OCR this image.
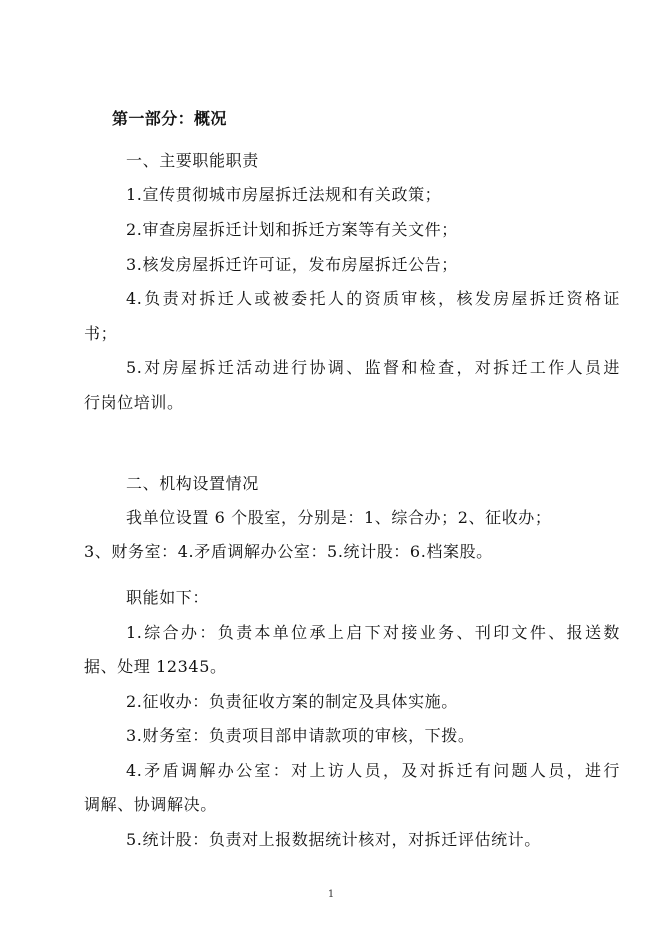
第一部分：概况

一、主要职能职责

1.宣传贯彻城市房屋拆迁法规和有关政策；

2.审查房屋拆迁计划和拆迁方案等有关文件；

3.核发房屋拆迁许可证，发布房屋拆迁公告；

4.负责对拆迁人或被委托人的资质审核，核发房屋拆迁资格证

书；

5.对房屋拆迁活动进行协调、监督和检查，对拆迁工作人员进

行岗位培训。

二、机构设置情况

我单位设置 6 个股室，分别是：1、综合办；2、征收办；

3、财务室：4.矛盾调解办公室：5.统计股：6.档案股。

职能如下：

1.综合办：负责本单位承上启下对接业务、刊印文件、报送数

据、处理 12345。

2.征收办：负责征收方案的制定及具体实施。

3.财务室：负责项目部申请款项的审核，下拨。

4.矛盾调解办公室：对上访人员，及对拆迁有问题人员，进行

调解、协调解决。

5.统计股：负责对上报数据统计核对，对拆迁评估统计。

1
